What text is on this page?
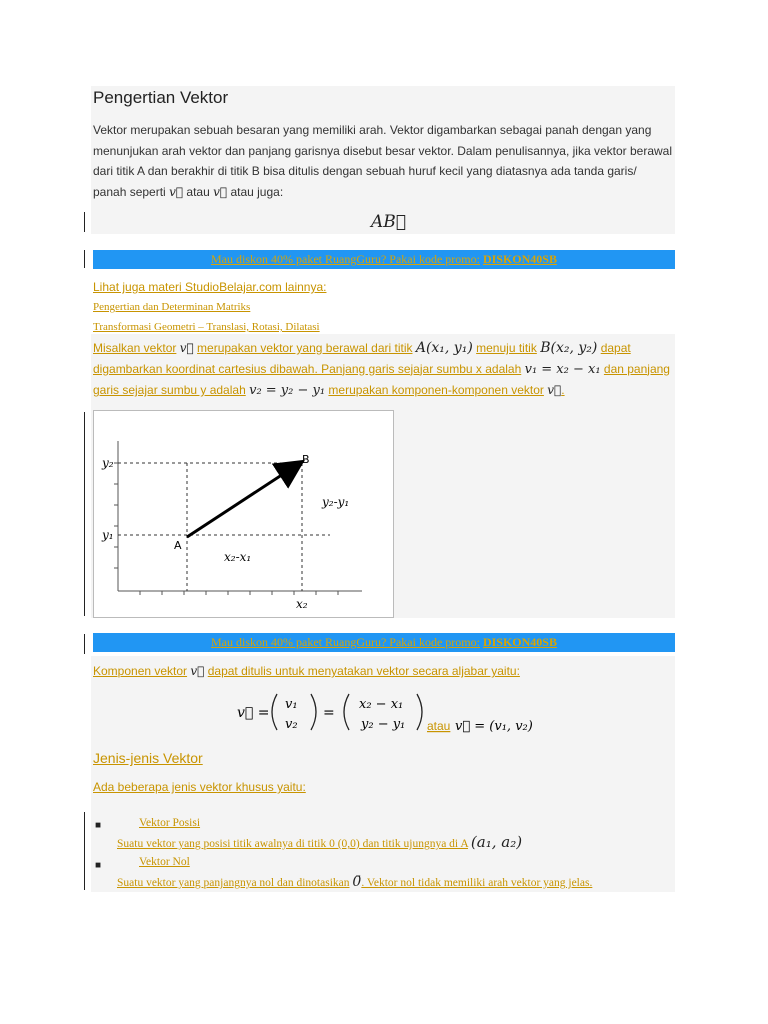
Pengertian Vektor

Vektor merupakan sebuah besaran yang memiliki arah. Vektor digambarkan sebagai panah dengan yang menunjukan arah vektor dan panjang garisnya disebut besar vektor. Dalam penulisannya, jika vektor berawal dari titik A dan berakhir di titik B bisa ditulis dengan sebuah huruf kecil yang diatasnya ada tanda garis/ panah seperti v⃗ atau v⃗ atau juga:

AB⃗
Mau diskon 40% paket RuangGuru? Pakai kode promo: DISKON40SB
Lihat juga materi StudioBelajar.com lainnya:
Pengertian dan Determinan Matriks
Transformasi Geometri – Translasi, Rotasi, Dilatasi

Misalkan vektor v⃗ merupakan vektor yang berawal dari titik A(x₁, y₁) menuju titik B(x₂, y₂) dapat digambarkan koordinat cartesius dibawah. Panjang garis sejajar sumbu x adalah v₁ = x₂ − x₁ dan panjang garis sejajar sumbu y adalah v₂ = y₂ − y₁ merupakan komponen-komponen vektor v⃗.

y₂
y₁
x₂
A
B
x₂-x₁
y₂-y₁
Mau diskon 40% paket RuangGuru? Pakai kode promo: DISKON40SB
Komponen vektor v⃗ dapat ditulis untuk menyatakan vektor secara aljabar yaitu:
v⃗ =
v₁
v₂
=
x₂ − x₁
y₂ − y₁ atau v⃗ = (v₁, v₂)
Jenis-jenis Vektor
Ada beberapa jenis vektor khusus yaitu:
■	Vektor Posisi
Suatu vektor yang posisi titik awalnya di titik 0 (0,0) dan titik ujungnya di A (a₁, a₂)
■	Vektor Nol
Suatu vektor yang panjangnya nol dan dinotasikan 0̄. Vektor nol tidak memiliki arah vektor yang jelas.
